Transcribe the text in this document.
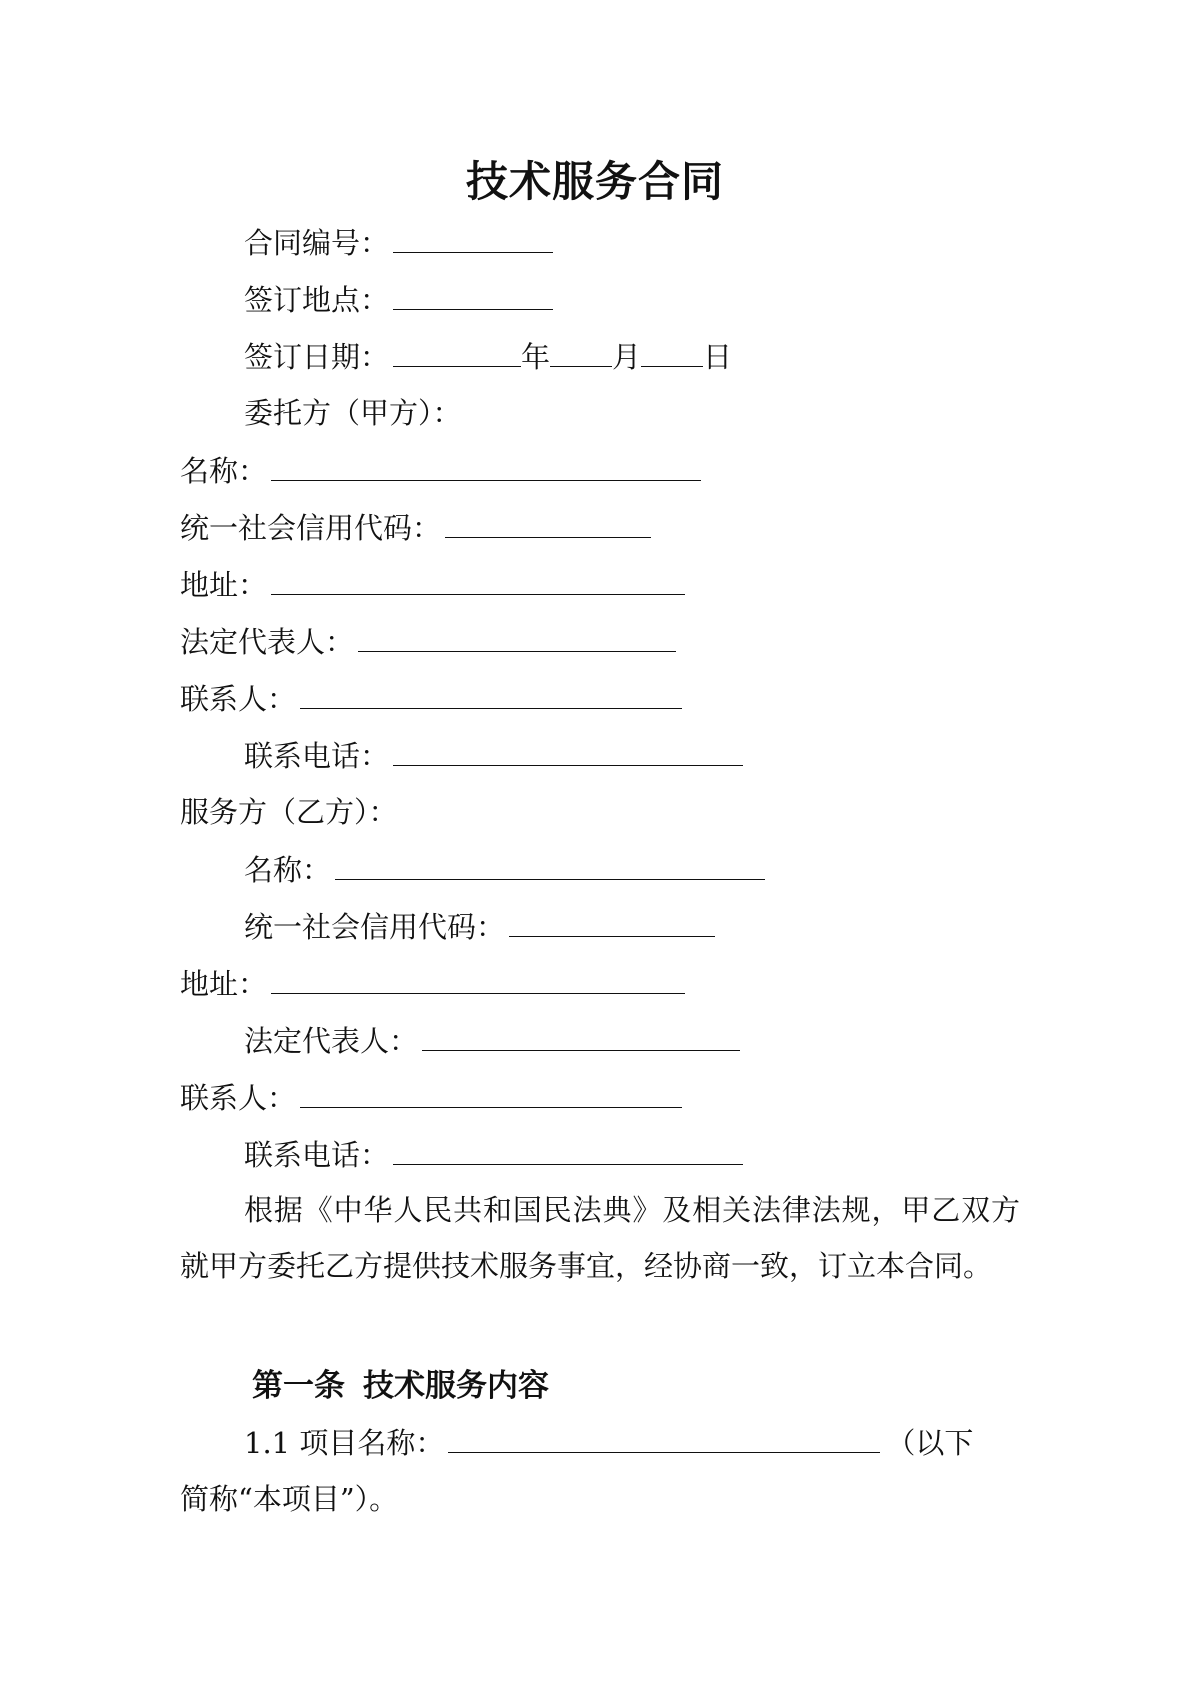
技术服务合同
合同编号：
签订地点：
签订日期：	年 月 日
委托方（甲方）：
名称：
统一社会信用代码：
地址：
法定代表人：
联系人：
联系电话：
服务方（乙方）：
名称：
统一社会信用代码：
地址：
法定代表人：
联系人：
联系电话：
根据《中华人民共和国民法典》及相关法律法规，甲乙双方就甲方委托乙方提供技术服务事宜，经协商一致，订立本合同。
第一条 技术服务内容
1.1 项目名称：	（以下
简称“本项目”）。
